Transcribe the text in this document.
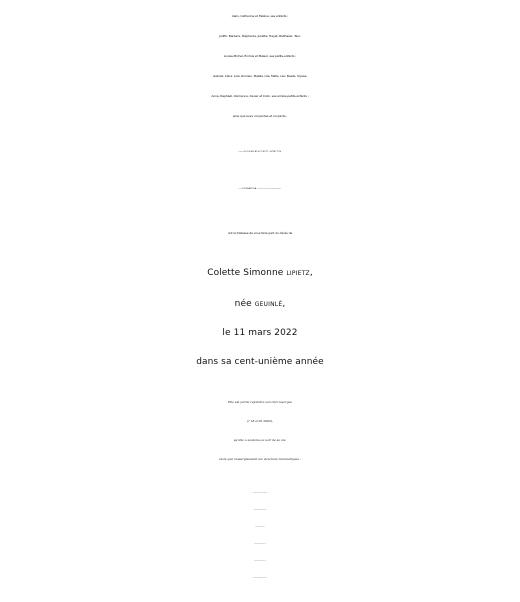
Alain, Catherine et Hélène, ses enfants ;
Judith, Barbara, Stéphanie, Juliette, Hayet, Balthazar, Taor,
Louise-Michel, Enimie et Maïeul, ses petits-enfants ;
Gabriel, Clara, Lola, Romain, Maëlle, Lila, Matis, Léo, Basile, Ulysse,
Anna, Raphaël, Clémence, Xavier et Colin, ses arrière-petits-enfants ;
ainsi que leurs conjointes et conjoints ;
les familles FOULIER, BIGOT, WITT et SPIRYTUS ;
et Irina PUSNAKOVA, qui prit soin d’elle durant ses dernières années ;
ont la tristesse de vous faire part du décès de
Colette Simonne LIPIETZ,
née GEUINLÉ,
le 11 mars 2022
dans sa cent-unième année
Elle est partie rejoindre son cher Georges
(† 18 avril 2003),
qu’elle a soutenu au soir de sa vie,
alors que ressurgissaient les violences traumatiques :
